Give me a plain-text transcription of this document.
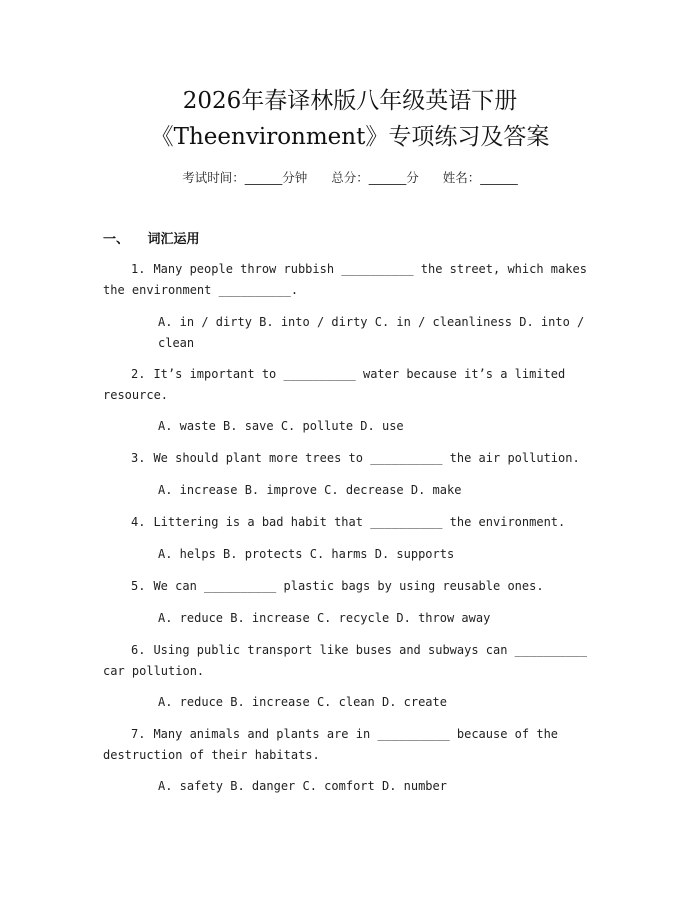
2026年春译林版八年级英语下册
《Theenvironment》专项练习及答案
考试时间：______分钟 总分：______分 姓名：______
一、 词汇运用
1. Many people throw rubbish __________ the street, which makes the environment __________.
A. in / dirty B. into / dirty C. in / cleanliness D. into / clean
2. It’s important to __________ water because it’s a limited resource.
A. waste B. save C. pollute D. use
3. We should plant more trees to __________ the air pollution.
A. increase B. improve C. decrease D. make
4. Littering is a bad habit that __________ the environment.
A. helps B. protects C. harms D. supports
5. We can __________ plastic bags by using reusable ones.
A. reduce B. increase C. recycle D. throw away
6. Using public transport like buses and subways can __________ car pollution.
A. reduce B. increase C. clean D. create
7. Many animals and plants are in __________ because of the destruction of their habitats.
A. safety B. danger C. comfort D. number
